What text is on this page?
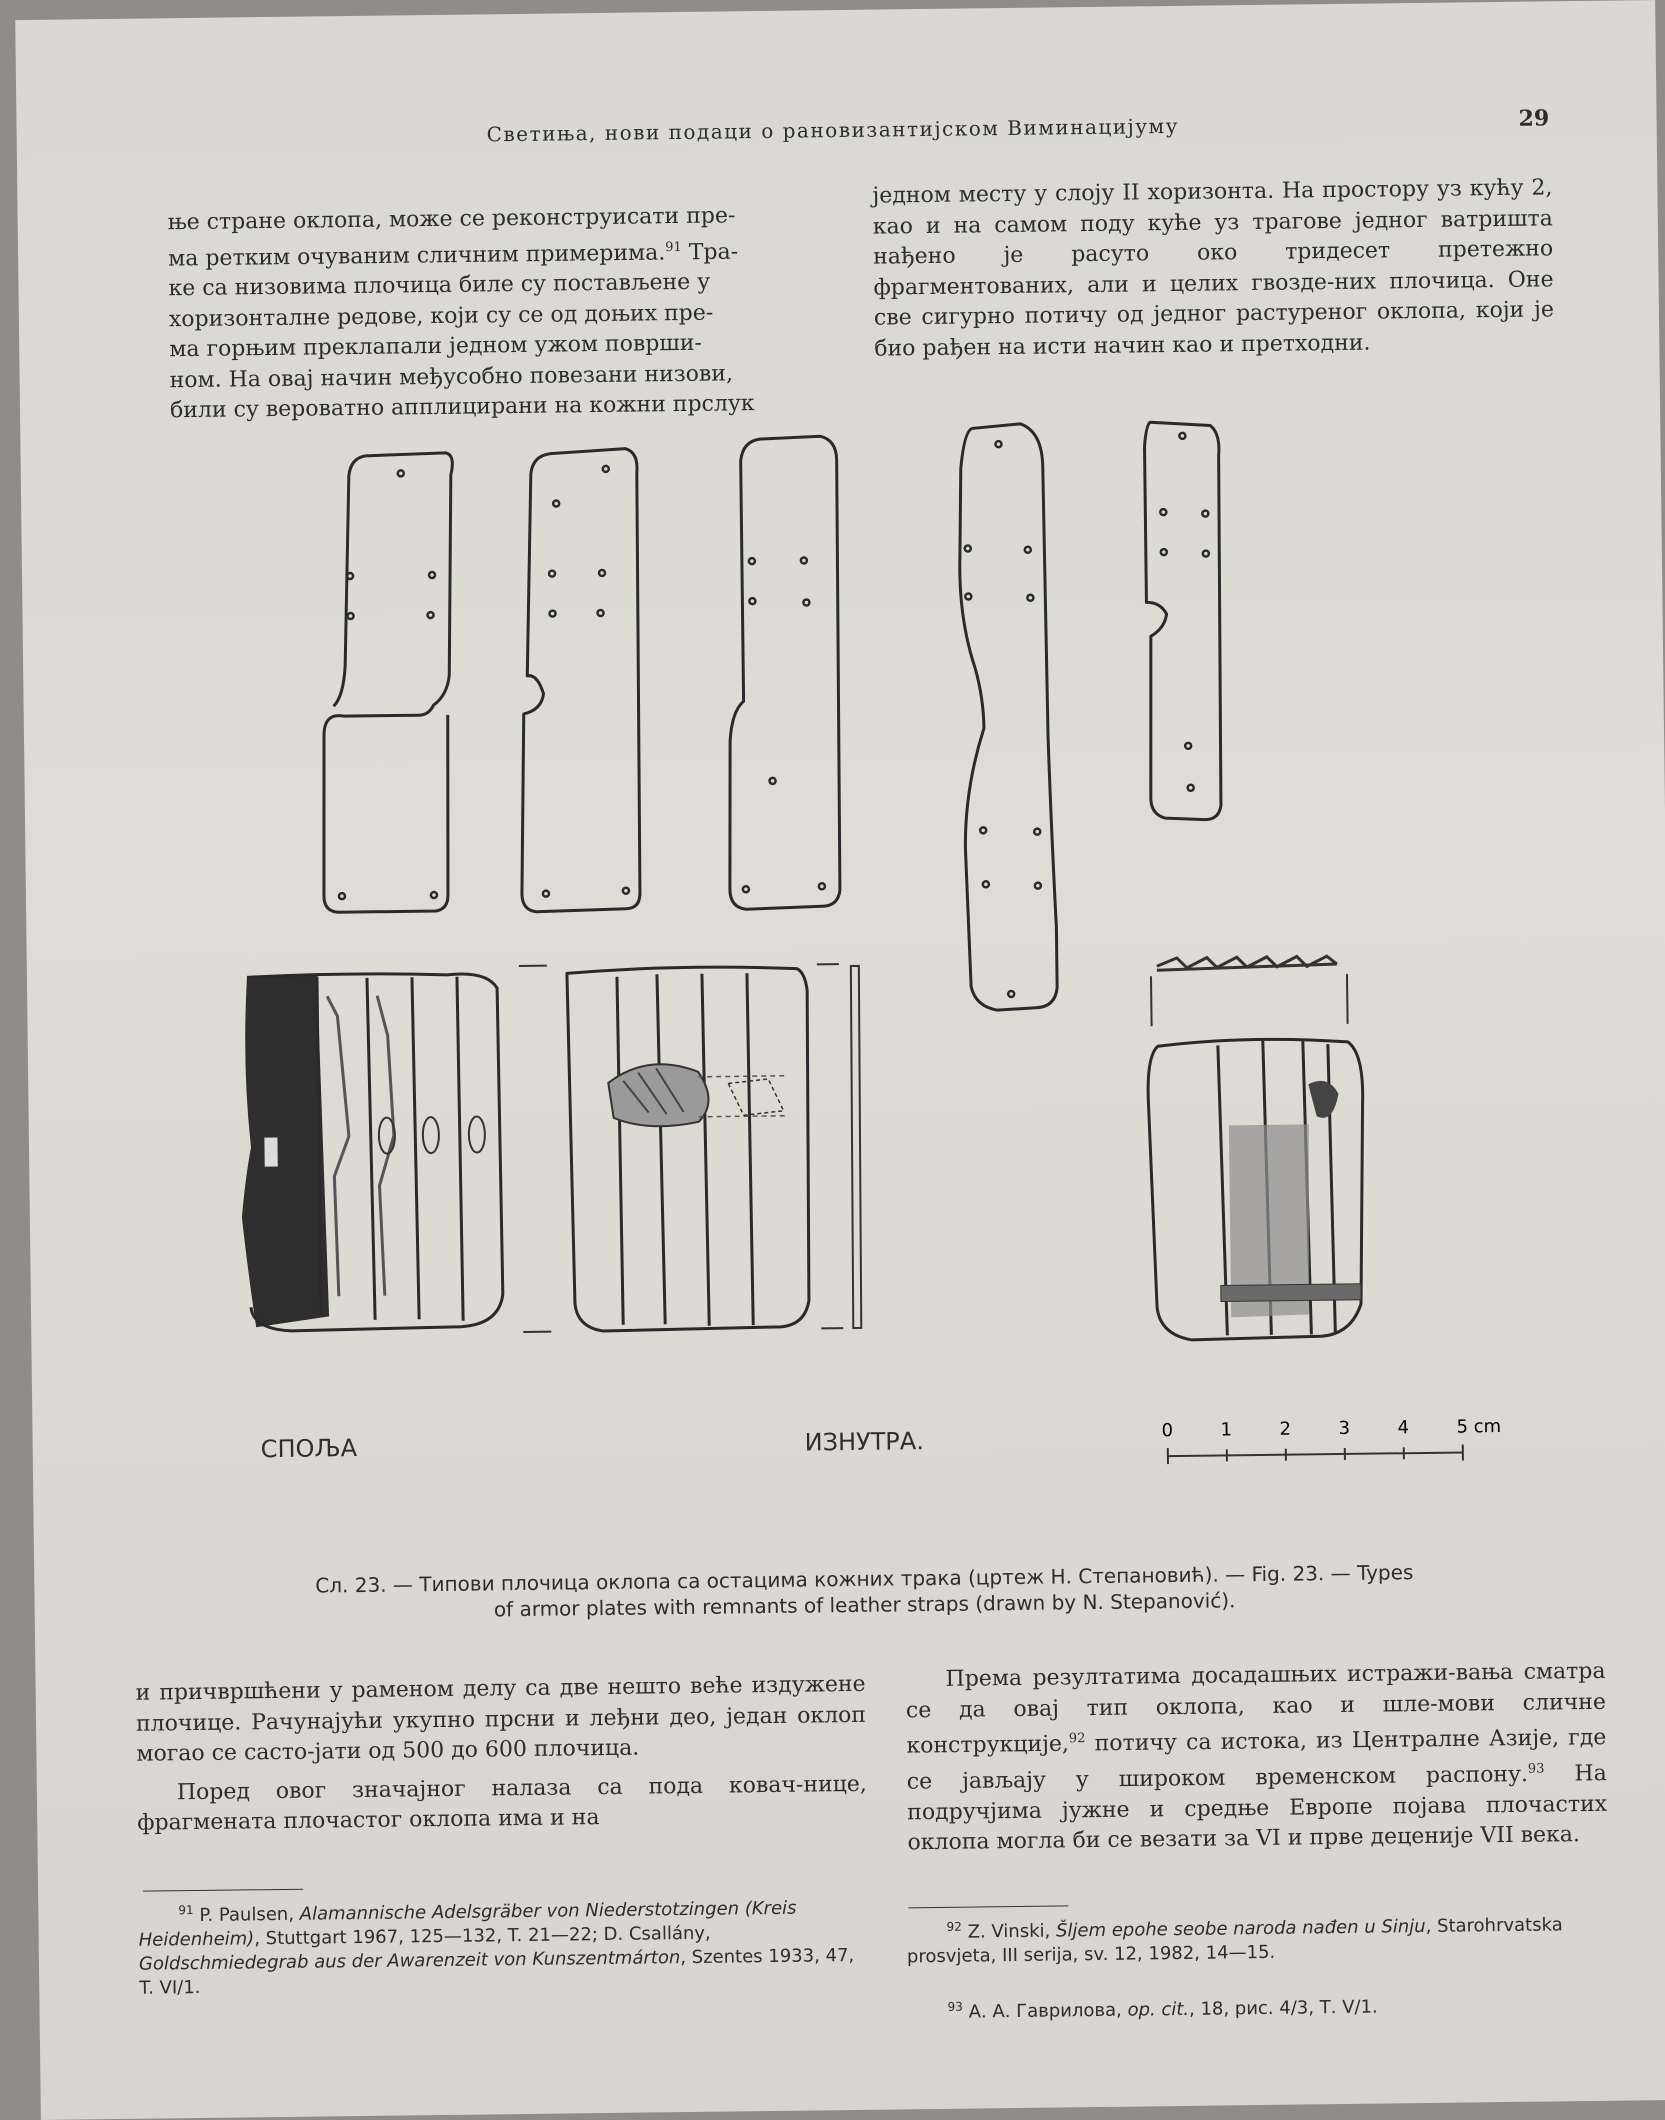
Светиња, нови подаци о рановизантијском Виминацијуму	29

ње стране оклопа, може се реконструисати пре-

ма ретким очуваним сличним примерима.$^{91}$ Тра-

ке са низовима плочица биле су постављене у

хоризонталне редове, који су се од доњих пре-

ма горњим преклапали једном ужом површи-

ном. На овај начин међусобно повезани низови,

били су вероватно апплицирани на кожни прслук

једном месту у слоју II хоризонта. На простору уз кућу 2, као и на самом поду куће уз трагове једног ватришта нађено је расуто око тридесет претежно фрагментованих, али и целих гвозде-них плочица. Оне све сигурно потичу од једног растуреног оклопа, који је био рађен на исти начин као и претходни.

СПОЉА	ИЗНУТРА.	0	1	2	3	4	5 cm
Сл. 23. — Типови плочица оклопа са остацима кожних трака (цртеж Н. Степановић). — Fig. 23. — Types
of armor plates with remnants of leather straps (drawn by N. Stepanović).

и причвршћени у раменом делу са две нешто веће издужене плочице. Рачунајући укупно прсни и леђни део, један оклоп могао се састо-јати од 500 до 600 плочица.

Поред овог значајног налаза са пода ковач-нице, фрагмената плочастог оклопа има и на

Према резултатима досадашњих истражи-вања сматра се да овај тип оклопа, као и шле-мови сличне конструкције,$^{92}$ потичу са истока, из Централне Азије, где се јављају у широком временском распону.$^{93}$ На подручјима јужне и средње Европе појава плочастих оклопа могла би се везати за VI и прве деценије VII века.

$^{91}$ P. Paulsen, Alamannische Adelsgräber von Niederstotzingen (Kreis Heidenheim), Stuttgart 1967, 125—132, T. 21—22; D. Csallány, Goldschmiedegrab aus der Awarenzeit von Kunszentmárton, Szentes 1933, 47, T. VI/1.
$^{92}$ Z. Vinski, Šljem epohe seobe naroda nađen u Sinju, Starohrvatska prosvjeta, III serija, sv. 12, 1982, 14—15.
$^{93}$ А. А. Гаврилова, op. cit., 18, рис. 4/3, Т. V/1.
